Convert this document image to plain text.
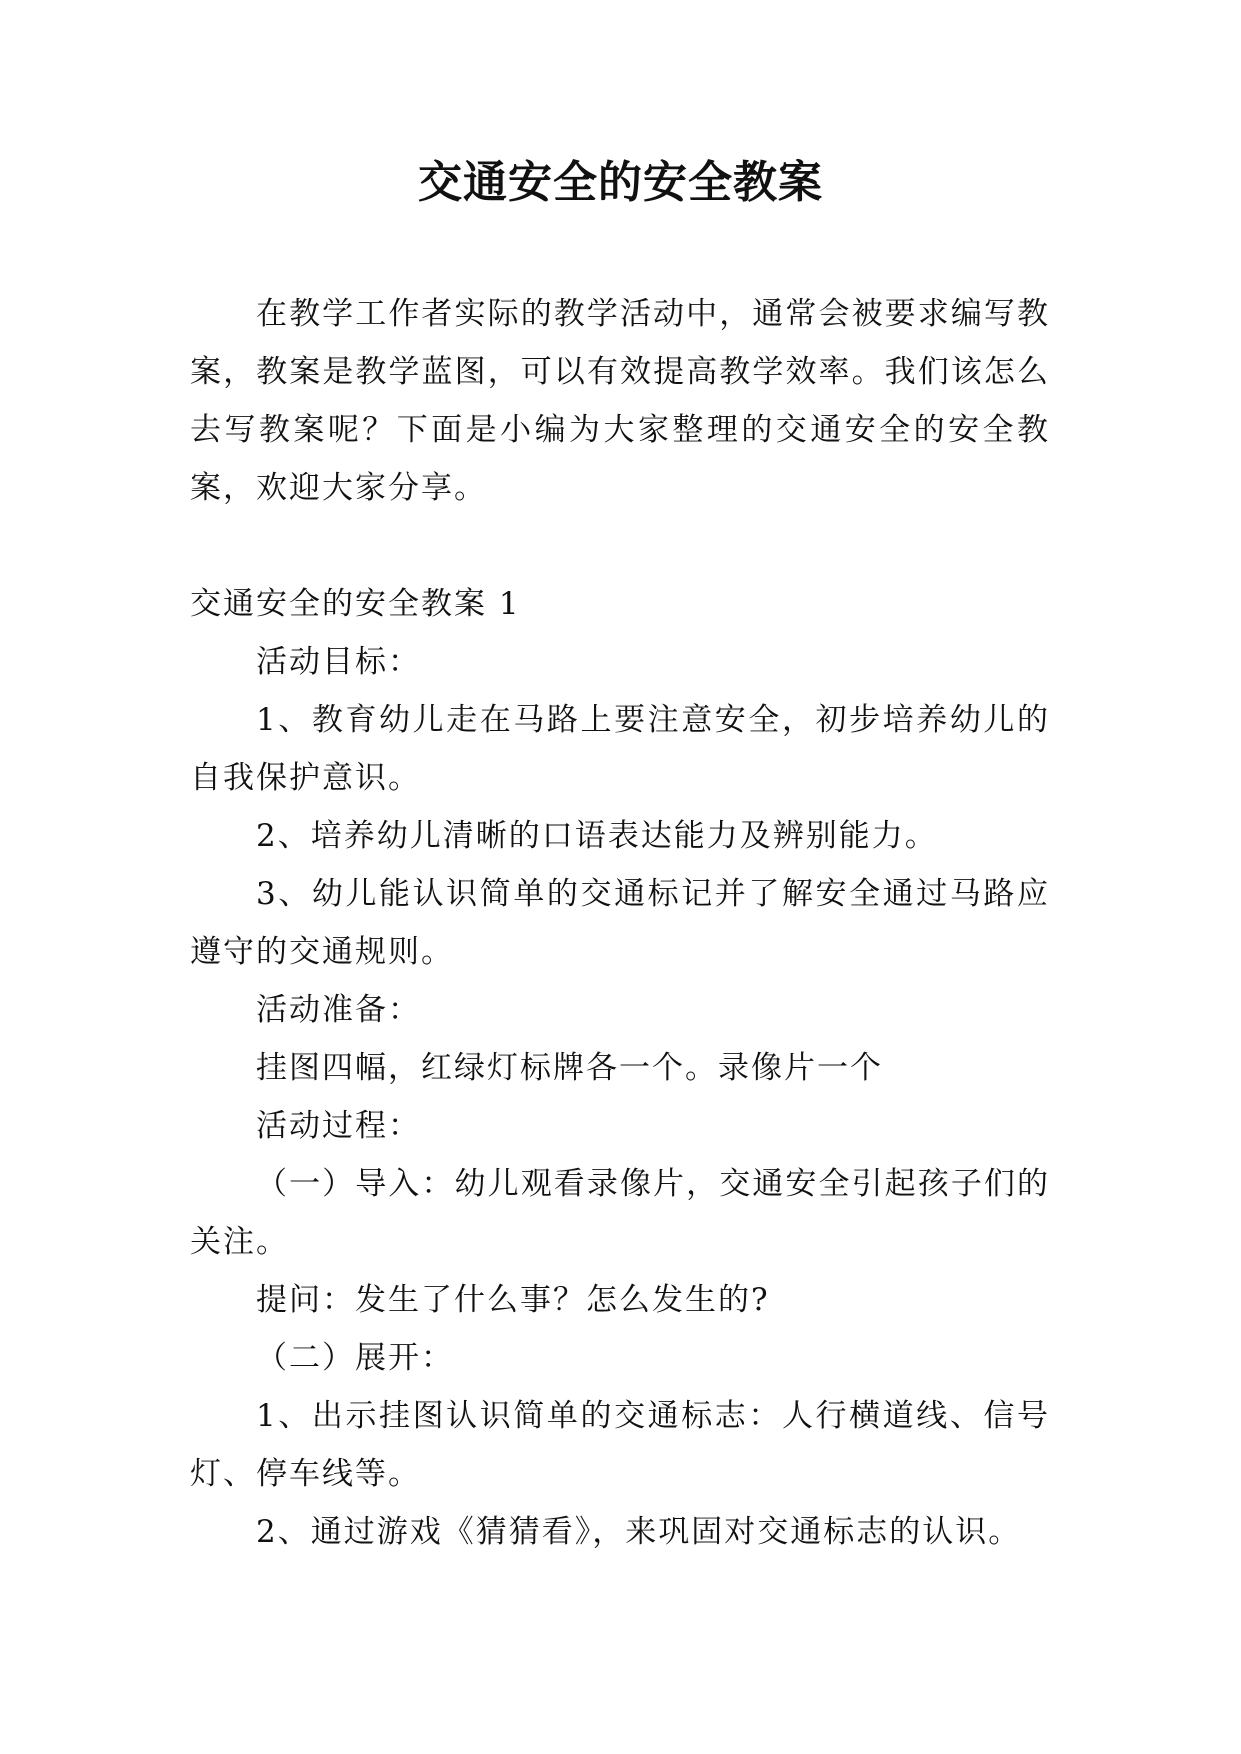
交通安全的安全教案

在教学工作者实际的教学活动中，通常会被要求编写教案，教案是教学蓝图，可以有效提高教学效率。我们该怎么去写教案呢？下面是小编为大家整理的交通安全的安全教案，欢迎大家分享。

交通安全的安全教案 1

活动目标：

1、教育幼儿走在马路上要注意安全，初步培养幼儿的自我保护意识。

2、培养幼儿清晰的口语表达能力及辨别能力。

3、幼儿能认识简单的交通标记并了解安全通过马路应遵守的交通规则。

活动准备：

挂图四幅，红绿灯标牌各一个。录像片一个

活动过程：

（一）导入：幼儿观看录像片，交通安全引起孩子们的关注。

提问：发生了什么事？怎么发生的?

（二）展开：

1、出示挂图认识简单的交通标志：人行横道线、信号灯、停车线等。

2、通过游戏《猜猜看》，来巩固对交通标志的认识。
